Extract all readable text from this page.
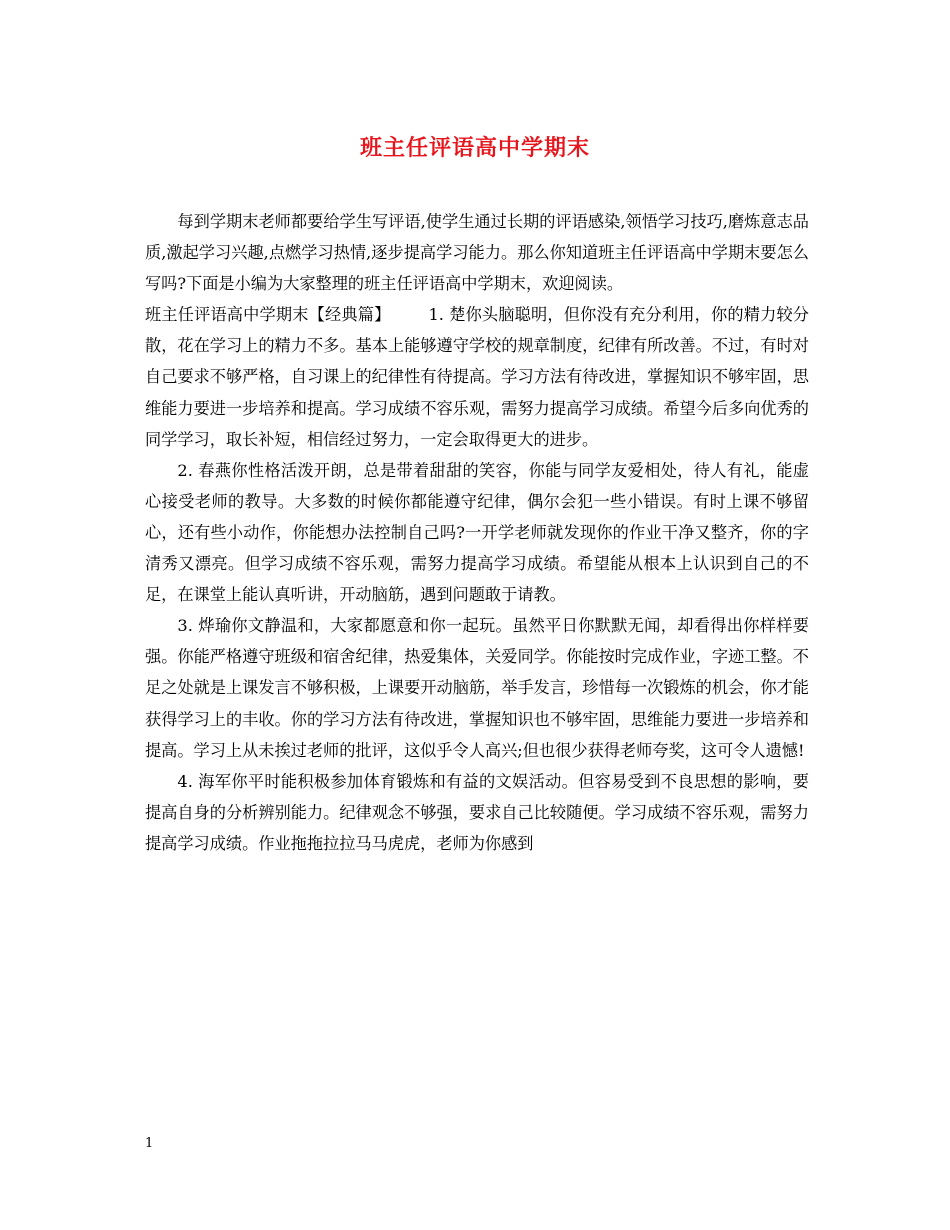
班主任评语高中学期末

每到学期末老师都要给学生写评语,使学生通过长期的评语感染,领悟学习技巧,磨炼意志品质,激起学习兴趣,点燃学习热情,逐步提高学习能力。那么你知道班主任评语高中学期末要怎么写吗?下面是小编为大家整理的班主任评语高中学期末，欢迎阅读。

班主任评语高中学期末【经典篇】 1. 楚你头脑聪明，但你没有充分利用，你的精力较分散，花在学习上的精力不多。基本上能够遵守学校的规章制度，纪律有所改善。不过，有时对自己要求不够严格，自习课上的纪律性有待提高。学习方法有待改进，掌握知识不够牢固，思维能力要进一步培养和提高。学习成绩不容乐观，需努力提高学习成绩。希望今后多向优秀的同学学习，取长补短，相信经过努力，一定会取得更大的进步。

2. 春燕你性格活泼开朗，总是带着甜甜的笑容，你能与同学友爱相处，待人有礼，能虚心接受老师的教导。大多数的时候你都能遵守纪律，偶尔会犯一些小错误。有时上课不够留心，还有些小动作，你能想办法控制自己吗?一开学老师就发现你的作业干净又整齐，你的字清秀又漂亮。但学习成绩不容乐观，需努力提高学习成绩。希望能从根本上认识到自己的不足，在课堂上能认真听讲，开动脑筋，遇到问题敢于请教。

3. 烨瑜你文静温和，大家都愿意和你一起玩。虽然平日你默默无闻，却看得出你样样要强。你能严格遵守班级和宿舍纪律，热爱集体，关爱同学。你能按时完成作业，字迹工整。不足之处就是上课发言不够积极，上课要开动脑筋，举手发言，珍惜每一次锻炼的机会，你才能获得学习上的丰收。你的学习方法有待改进，掌握知识也不够牢固，思维能力要进一步培养和提高。学习上从未挨过老师的批评，这似乎令人高兴;但也很少获得老师夸奖，这可令人遗憾!

4. 海军你平时能积极参加体育锻炼和有益的文娱活动。但容易受到不良思想的影响，要提高自身的分析辨别能力。纪律观念不够强，要求自己比较随便。学习成绩不容乐观，需努力提高学习成绩。作业拖拖拉拉马马虎虎，老师为你感到

1
